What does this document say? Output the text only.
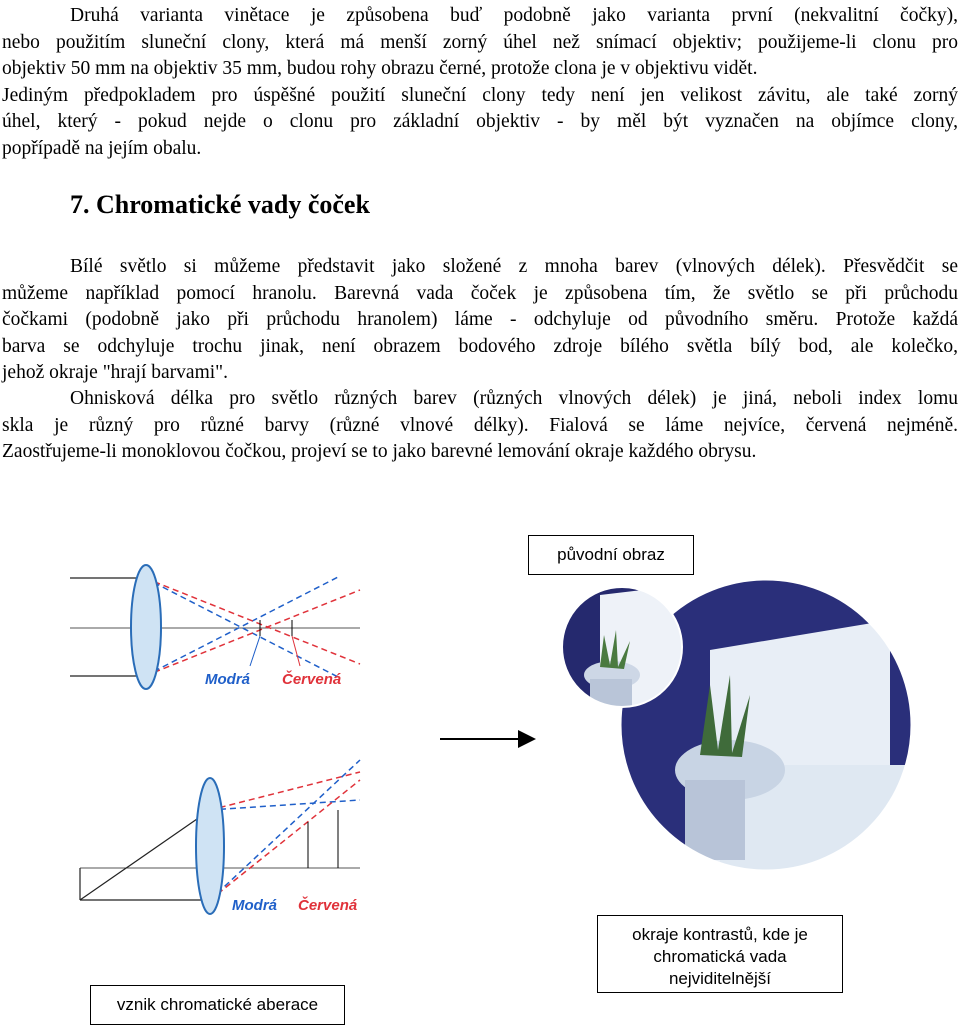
Druhá varianta vinětace je způsobena buď podobně jako varianta první (nekvalitní čočky),
nebo použitím sluneční clony, která má menší zorný úhel než snímací objektiv; použijeme-li clonu pro
objektiv 50 mm na objektiv 35 mm, budou rohy obrazu černé, protože clona je v objektivu vidět.
Jediným předpokladem pro úspěšné použití sluneční clony tedy není jen velikost závitu, ale také zorný
úhel, který - pokud nejde o clonu pro základní objektiv - by měl být vyznačen na objímce clony,
popřípadě na jejím obalu.
7. Chromatické vady čoček
Bílé světlo si můžeme představit jako složené z mnoha barev (vlnových délek). Přesvědčit se
můžeme například pomocí hranolu. Barevná vada čoček je způsobena tím, že světlo se při průchodu
čočkami (podobně jako při průchodu hranolem) láme - odchyluje od původního směru. Protože každá
barva se odchyluje trochu jinak, není obrazem bodového zdroje bílého světla bílý bod, ale kolečko,
jehož okraje "hrají barvami".
Ohnisková délka pro světlo různých barev (různých vlnových délek) je jiná, neboli index lomu
skla je různý pro různé barvy (různé vlnové délky). Fialová se láme nejvíce, červená nejméně.
Zaostřujeme-li monoklovou čočkou, projeví se to jako barevné lemování okraje každého obrysu.
Modrá Červená
Modrá Červená
původní obraz
vznik chromatické aberace
okraje kontrastů, kde je
chromatická vada
nejviditelnější
